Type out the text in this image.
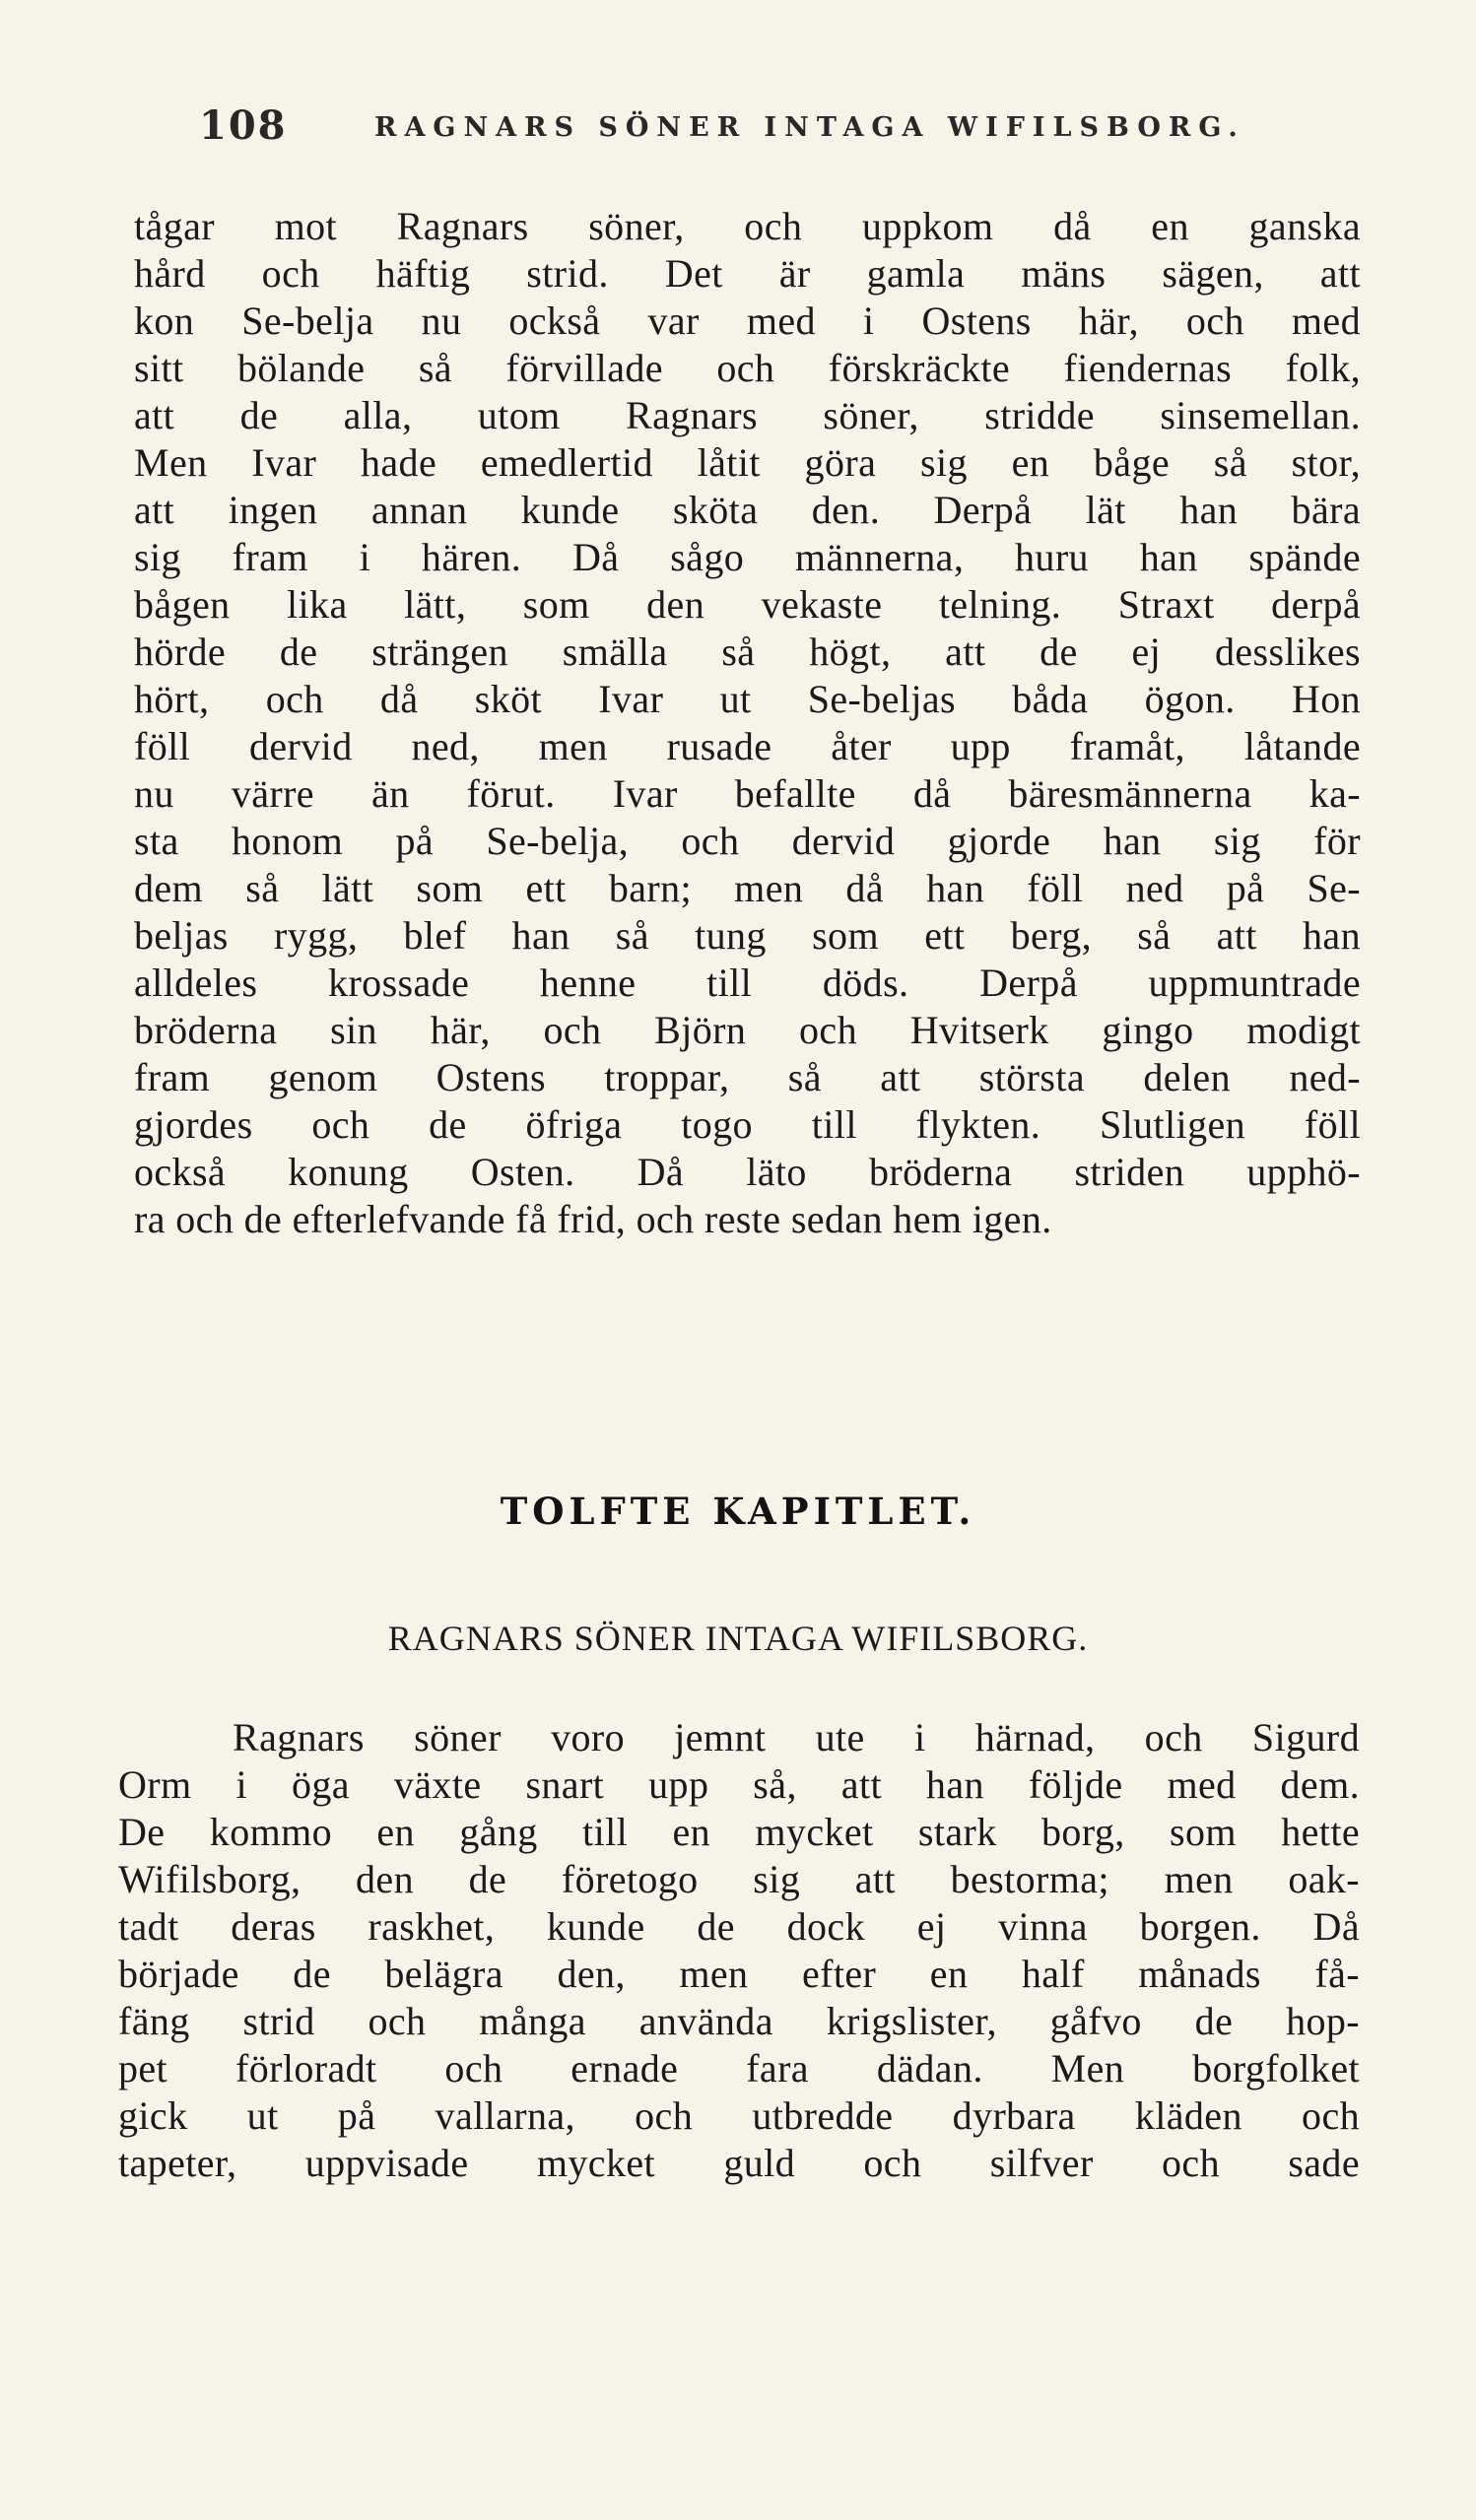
108	RAGNARS SÖNER INTAGA WIFILSBORG.
tågar mot Ragnars söner, och uppkom då en ganska
hård och häftig strid. Det är gamla mäns sägen, att
kon Se-belja nu också var med i Ostens här, och med
sitt bölande så förvillade och förskräckte fiendernas folk,
att de alla, utom Ragnars söner, stridde sinsemellan.
Men Ivar hade emedlertid låtit göra sig en båge så stor,
att ingen annan kunde sköta den. Derpå lät han bära
sig fram i hären. Då sågo männerna, huru han spände
bågen lika lätt, som den vekaste telning. Straxt derpå
hörde de strängen smälla så högt, att de ej desslikes
hört, och då sköt Ivar ut Se-beljas båda ögon. Hon
föll dervid ned, men rusade åter upp framåt, låtande
nu värre än förut. Ivar befallte då bäresmännerna ka-
sta honom på Se-belja, och dervid gjorde han sig för
dem så lätt som ett barn; men då han föll ned på Se-
beljas rygg, blef han så tung som ett berg, så att han
alldeles krossade henne till döds. Derpå uppmuntrade
bröderna sin här, och Björn och Hvitserk gingo modigt
fram genom Ostens troppar, så att största delen ned-
gjordes och de öfriga togo till flykten. Slutligen föll
också konung Osten. Då läto bröderna striden upphö-
ra och de efterlefvande få frid, och reste sedan hem igen.
TOLFTE KAPITLET.
RAGNARS SÖNER INTAGA WIFILSBORG.
Ragnars söner voro jemnt ute i härnad, och Sigurd
Orm i öga växte snart upp så, att han följde med dem.
De kommo en gång till en mycket stark borg, som hette
Wifilsborg, den de företogo sig att bestorma; men oak-
tadt deras raskhet, kunde de dock ej vinna borgen. Då
började de belägra den, men efter en half månads få-
fäng strid och många använda krigslister, gåfvo de hop-
pet förloradt och ernade fara dädan. Men borgfolket
gick ut på vallarna, och utbredde dyrbara kläden och
tapeter, uppvisade mycket guld och silfver och sade
